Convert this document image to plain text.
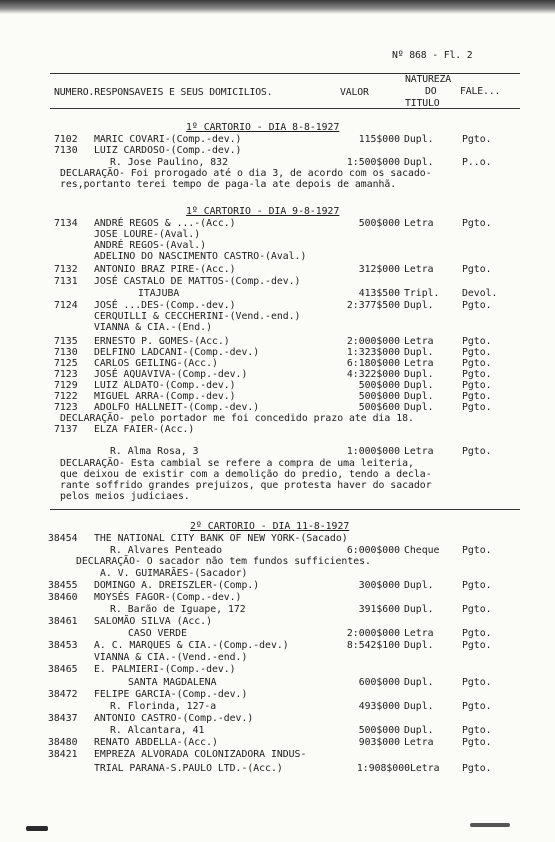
Nº 868 - Fl. 2
NUMERO.RESPONSAVEIS E SEUS DOMICILIOS.	VALOR
NATUREZA
DO
TITULO
FALE...
1º CARTORIO - DIA 8-8-1927
7102 MARIC COVARI-(Comp.-dev.)	115$000 Dupl.	Pgto.
7130 LUIZ CARDOSO-(Comp.-dev.)
R. Jose Paulino, 832	1:500$000 Dupl.	P..o.
DECLARAÇÃO- Foi prorogado até o dia 3, de acordo com os sacado-
res,portanto terei tempo de paga-la ate depois de amanhã.
1º CARTORIO - DIA 9-8-1927
7134 ANDRÉ REGOS & ...-(Acc.)	500$000 Letra	Pgto.
JOSE LOURE-(Aval.)
ANDRÉ REGOS-(Aval.)
ADELINO DO NASCIMENTO CASTRO-(Aval.)
7132 ANTONIO BRAZ PIRE-(Acc.)	312$000 Letra	Pgto.
7131 JOSÉ CASTALO DE MATTOS-(Comp.-dev.)
ITAJUBA	413$500 Tripl. Devol.
7124 JOSÉ ...DES-(Comp.-dev.)	2:377$500 Dupl.	Pgto.
CERQUILLI & CECCHERINI-(Vend.-end.)
VIANNA & CIA.-(End.)
7135 ERNESTO P. GOMES-(Acc.)	2:000$000 Letra	Pgto.
7130 DELFINO LADCANI-(Comp.-dev.)	1:323$000 Dupl.	Pgto.
7125 CARLOS GEILING-(Acc.)	6:180$000 Letra	Pgto.
7123 JOSÉ AQUAVIVA-(Comp.-dev.)	4:322$000 Dupl.	Pgto.
7129 LUIZ ALDATO-(Comp.-dev.)	500$000 Dupl.	Pgto.
7122 MIGUEL ARRA-(Comp.-dev.)	500$000 Dupl.	Pgto.
7123 ADOLFO HALLNEIT-(Comp.-dev.)	500$600 Dupl.	Pgto.
DECLARAÇÃO- pelo portador me foi concedido prazo ate dia 18.
7137 ELZA FAIER-(Acc.)
R. Alma Rosa, 3	1:000$000 Letra	Pgto.
DECLARAÇÃO- Esta cambial se refere a compra de uma leiteria,
que deixou de existir com a demolição do predio, tendo a decla-
rante soffrido grandes prejuizos, que protesta haver do sacador
pelos meios judiciaes.
2º CARTORIO - DIA 11-8-1927
38454 THE NATIONAL CITY BANK OF NEW YORK-(Sacado)
R. Alvares Penteado	6:000$000 Cheque Pgto.
DECLARAÇÃO- O sacador não tem fundos sufficientes.
A. V. GUIMARÃES-(Sacador)
38455 DOMINGO A. DREISZLER-(Comp.)	300$000 Dupl.	Pgto.
38460 MOYSÉS FAGOR-(Comp.-dev.)
R. Barão de Iguape, 172	391$600 Dupl.	Pgto.
38461 SALOMÃO SILVA (Acc.)
CASO VERDE	2:000$000 Letra	Pgto.
38453 A. C. MARQUES & CIA.-(Comp.-dev.)	8:542$100 Dupl.	Pgto.
VIANNA & CIA.-(Vend.-end.)
38465 E. PALMIERI-(Comp.-dev.)
SANTA MAGDALENA	600$000 Dupl.	Pgto.
38472 FELIPE GARCIA-(Comp.-dev.)
R. Florinda, 127-a	493$000 Dupl.	Pgto.
38437 ANTONIO CASTRO-(Comp.-dev.)
R. Alcantara, 41	500$000 Dupl.	Pgto.
38480 RENATO ABDELLA-(Acc.)	903$000 Letra	Pgto.
38421 EMPREZA ALVORADA COLONIZADORA INDUS-
TRIAL PARANA-S.PAULO LTD.-(Acc.)	1:908$000 Letra Pgto.
